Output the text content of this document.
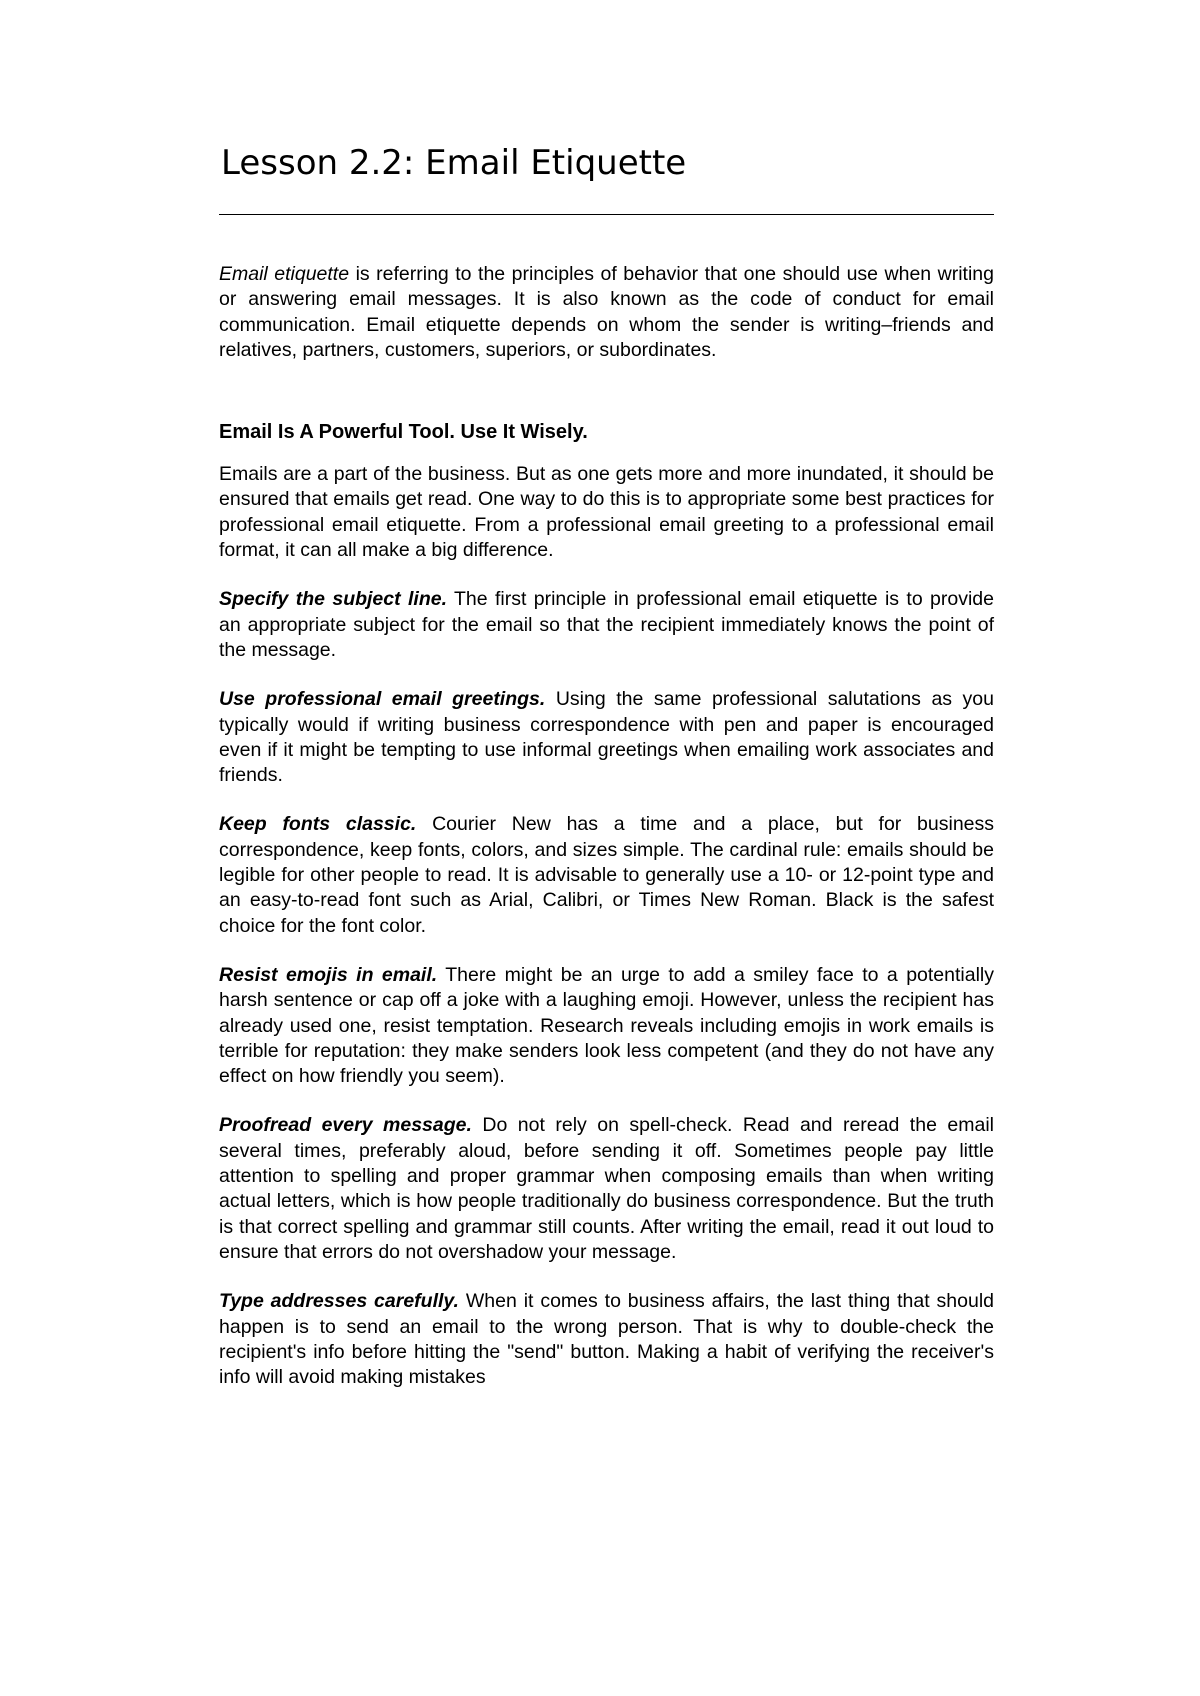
Lesson 2.2: Email Etiquette

Email etiquette is referring to the principles of behavior that one should use when writing or answering email messages. It is also known as the code of conduct for email communication. Email etiquette depends on whom the sender is writing–friends and relatives, partners, customers, superiors, or subordinates.

Email Is A Powerful Tool. Use It Wisely.

Emails are a part of the business. But as one gets more and more inundated, it should be ensured that emails get read. One way to do this is to appropriate some best practices for professional email etiquette. From a professional email greeting to a professional email format, it can all make a big difference.

Specify the subject line. The first principle in professional email etiquette is to provide an appropriate subject for the email so that the recipient immediately knows the point of the message.

Use professional email greetings. Using the same professional salutations as you typically would if writing business correspondence with pen and paper is encouraged even if it might be tempting to use informal greetings when emailing work associates and friends.

Keep fonts classic. Courier New has a time and a place, but for business correspondence, keep fonts, colors, and sizes simple. The cardinal rule: emails should be legible for other people to read. It is advisable to generally use a 10- or 12-point type and an easy-to-read font such as Arial, Calibri, or Times New Roman. Black is the safest choice for the font color.

Resist emojis in email. There might be an urge to add a smiley face to a potentially harsh sentence or cap off a joke with a laughing emoji. However, unless the recipient has already used one, resist temptation. Research reveals including emojis in work emails is terrible for reputation: they make senders look less competent (and they do not have any effect on how friendly you seem).

Proofread every message. Do not rely on spell-check. Read and reread the email several times, preferably aloud, before sending it off. Sometimes people pay little attention to spelling and proper grammar when composing emails than when writing actual letters, which is how people traditionally do business correspondence. But the truth is that correct spelling and grammar still counts. After writing the email, read it out loud to ensure that errors do not overshadow your message.

Type addresses carefully. When it comes to business affairs, the last thing that should happen is to send an email to the wrong person. That is why to double-check the recipient's info before hitting the "send" button. Making a habit of verifying the receiver's info will avoid making mistakes
